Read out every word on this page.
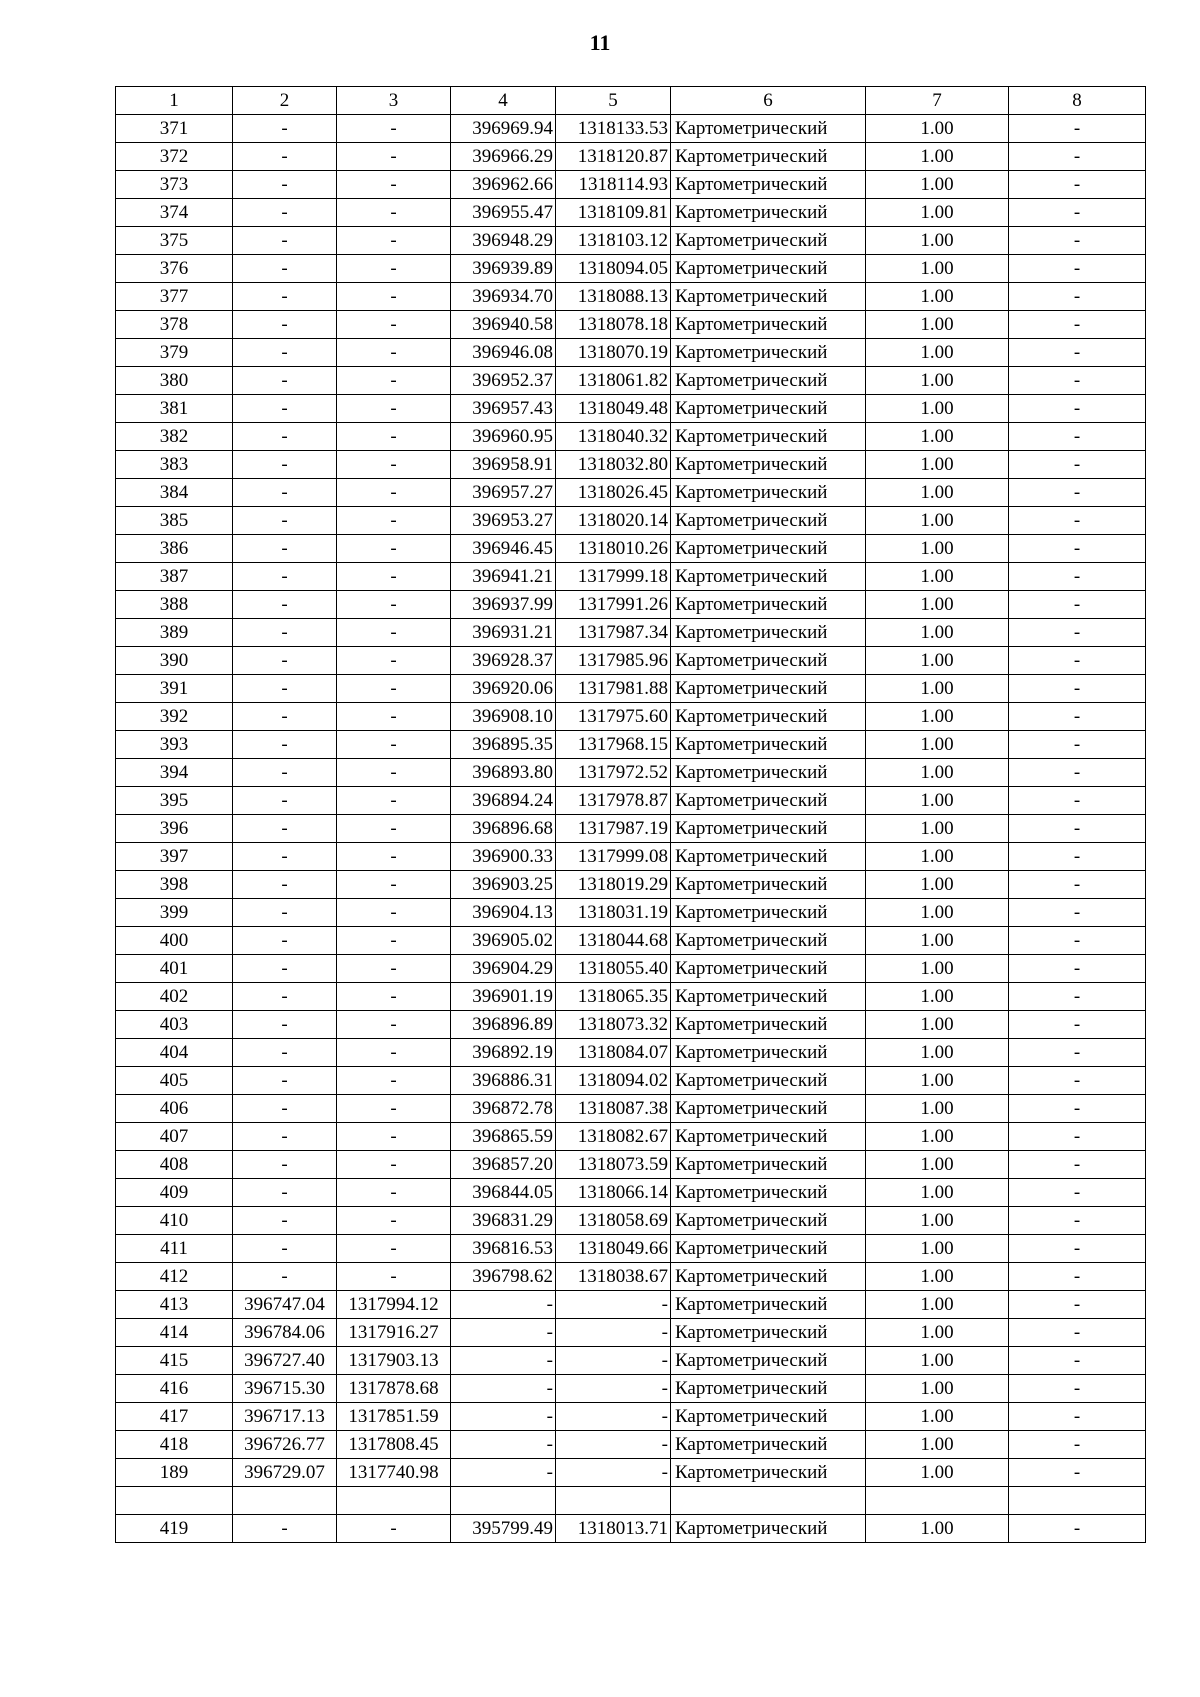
11
1	2	3	4	5	6	7	8
371	-	-	396969.94	1318133.53	Картометрический	1.00	-
372	-	-	396966.29	1318120.87	Картометрический	1.00	-
373	-	-	396962.66	1318114.93	Картометрический	1.00	-
374	-	-	396955.47	1318109.81	Картометрический	1.00	-
375	-	-	396948.29	1318103.12	Картометрический	1.00	-
376	-	-	396939.89	1318094.05	Картометрический	1.00	-
377	-	-	396934.70	1318088.13	Картометрический	1.00	-
378	-	-	396940.58	1318078.18	Картометрический	1.00	-
379	-	-	396946.08	1318070.19	Картометрический	1.00	-
380	-	-	396952.37	1318061.82	Картометрический	1.00	-
381	-	-	396957.43	1318049.48	Картометрический	1.00	-
382	-	-	396960.95	1318040.32	Картометрический	1.00	-
383	-	-	396958.91	1318032.80	Картометрический	1.00	-
384	-	-	396957.27	1318026.45	Картометрический	1.00	-
385	-	-	396953.27	1318020.14	Картометрический	1.00	-
386	-	-	396946.45	1318010.26	Картометрический	1.00	-
387	-	-	396941.21	1317999.18	Картометрический	1.00	-
388	-	-	396937.99	1317991.26	Картометрический	1.00	-
389	-	-	396931.21	1317987.34	Картометрический	1.00	-
390	-	-	396928.37	1317985.96	Картометрический	1.00	-
391	-	-	396920.06	1317981.88	Картометрический	1.00	-
392	-	-	396908.10	1317975.60	Картометрический	1.00	-
393	-	-	396895.35	1317968.15	Картометрический	1.00	-
394	-	-	396893.80	1317972.52	Картометрический	1.00	-
395	-	-	396894.24	1317978.87	Картометрический	1.00	-
396	-	-	396896.68	1317987.19	Картометрический	1.00	-
397	-	-	396900.33	1317999.08	Картометрический	1.00	-
398	-	-	396903.25	1318019.29	Картометрический	1.00	-
399	-	-	396904.13	1318031.19	Картометрический	1.00	-
400	-	-	396905.02	1318044.68	Картометрический	1.00	-
401	-	-	396904.29	1318055.40	Картометрический	1.00	-
402	-	-	396901.19	1318065.35	Картометрический	1.00	-
403	-	-	396896.89	1318073.32	Картометрический	1.00	-
404	-	-	396892.19	1318084.07	Картометрический	1.00	-
405	-	-	396886.31	1318094.02	Картометрический	1.00	-
406	-	-	396872.78	1318087.38	Картометрический	1.00	-
407	-	-	396865.59	1318082.67	Картометрический	1.00	-
408	-	-	396857.20	1318073.59	Картометрический	1.00	-
409	-	-	396844.05	1318066.14	Картометрический	1.00	-
410	-	-	396831.29	1318058.69	Картометрический	1.00	-
411	-	-	396816.53	1318049.66	Картометрический	1.00	-
412	-	-	396798.62	1318038.67	Картометрический	1.00	-
413	396747.04	1317994.12	-	-	Картометрический	1.00	-
414	396784.06	1317916.27	-	-	Картометрический	1.00	-
415	396727.40	1317903.13	-	-	Картометрический	1.00	-
416	396715.30	1317878.68	-	-	Картометрический	1.00	-
417	396717.13	1317851.59	-	-	Картометрический	1.00	-
418	396726.77	1317808.45	-	-	Картометрический	1.00	-
189	396729.07	1317740.98	-	-	Картометрический	1.00	-

419	-	-	395799.49	1318013.71	Картометрический	1.00	-
